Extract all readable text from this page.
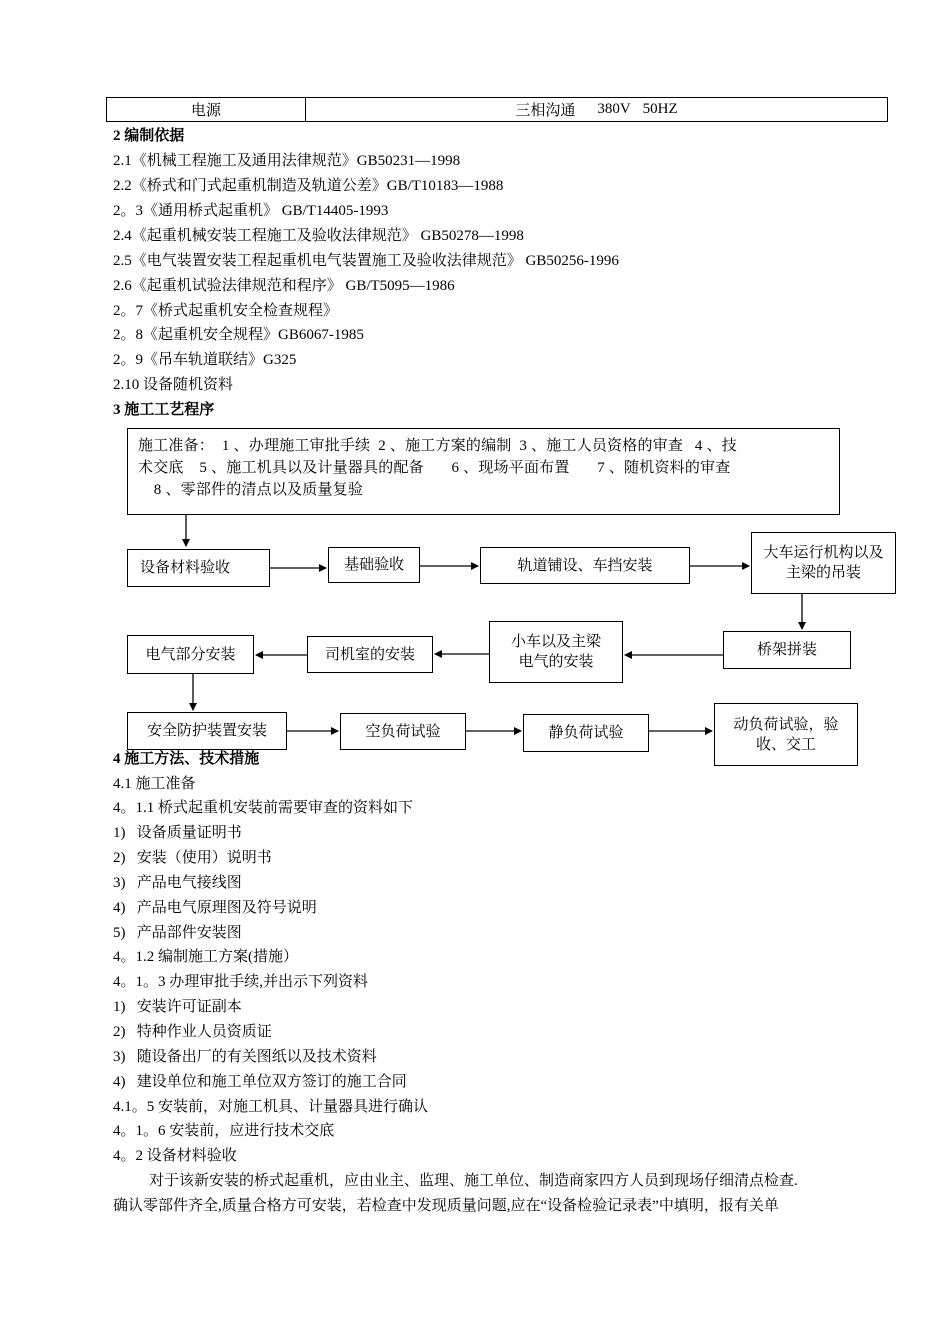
电源	三相沟通 380V 50HZ
2 编制依据
2.1《机械工程施工及通用法律规范》GB50231—1998
2.2《桥式和门式起重机制造及轨道公差》GB/T10183—1988
2。3《通用桥式起重机》 GB/T14405-1993
2.4《起重机械安装工程施工及验收法律规范》 GB50278—1998
2.5《电气装置安装工程起重机电气装置施工及验收法律规范》 GB50256-1996
2.6《起重机试验法律规范和程序》 GB/T5095—1986
2。7《桥式起重机安全检查规程》
2。8《起重机安全规程》GB6067-1985
2。9《吊车轨道联结》G325
2.10 设备随机资料
3 施工工艺程序
施工准备：  1 、办理施工审批手续  2 、施工方案的编制  3 、施工人员资格的审查   4 、技
术交底    5 、施工机具以及计量器具的配备       6 、现场平面布置       7 、随机资料的审查
8 、零部件的清点以及质量复验
设备材料验收	基础验收	轨道铺设、车挡安装
大车运行机构以及主梁的吊装
桥架拼装
小车以及主梁电气的安装
司机室的安装
电气部分安装
安全防护装置安装	空负荷试验	静负荷试验
动负荷试验，验收、交工
4 施工方法、技术措施
4.1 施工准备
4。1.1 桥式起重机安装前需要审查的资料如下
1)   设备质量证明书
2)   安装（使用）说明书
3)   产品电气接线图
4)   产品电气原理图及符号说明
5)   产品部件安装图
4。1.2 编制施工方案(措施）
4。1。3 办理审批手续,并出示下列资料
1)   安装许可证副本
2)   特种作业人员资质证
3)   随设备出厂的有关图纸以及技术资料
4)   建设单位和施工单位双方签订的施工合同
4.1。5 安装前，对施工机具、计量器具进行确认
4。1。6 安装前，应进行技术交底
4。2 设备材料验收
对于该新安装的桥式起重机，应由业主、监理、施工单位、制造商家四方人员到现场仔细清点检查.
确认零部件齐全,质量合格方可安装，若检查中发现质量问题,应在“设备检验记录表”中填明，报有关单
